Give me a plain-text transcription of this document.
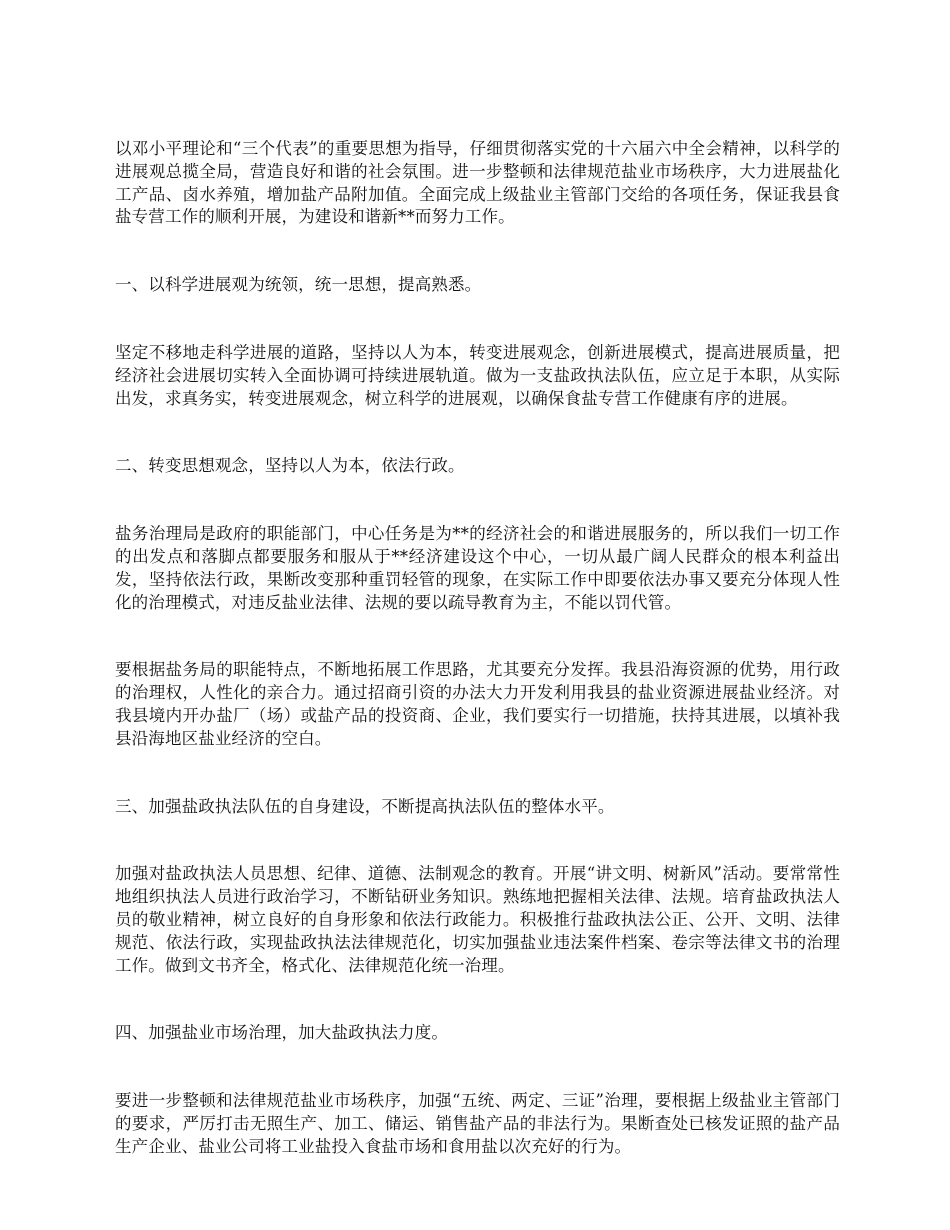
以邓小平理论和“三个代表”的重要思想为指导，仔细贯彻落实党的十六届六中全会精神，以科学的进展观总揽全局，营造良好和谐的社会氛围。进一步整顿和法律规范盐业市场秩序，大力进展盐化工产品、卤水养殖，增加盐产品附加值。全面完成上级盐业主管部门交给的各项任务，保证我县食盐专营工作的顺利开展，为建设和谐新**而努力工作。

一、以科学进展观为统领，统一思想，提高熟悉。

坚定不移地走科学进展的道路，坚持以人为本，转变进展观念，创新进展模式，提高进展质量，把经济社会进展切实转入全面协调可持续进展轨道。做为一支盐政执法队伍，应立足于本职，从实际出发，求真务实，转变进展观念，树立科学的进展观，以确保食盐专营工作健康有序的进展。

二、转变思想观念，坚持以人为本，依法行政。

盐务治理局是政府的职能部门，中心任务是为**的经济社会的和谐进展服务的，所以我们一切工作的出发点和落脚点都要服务和服从于**经济建设这个中心，一切从最广阔人民群众的根本利益出发，坚持依法行政，果断改变那种重罚轻管的现象，在实际工作中即要依法办事又要充分体现人性化的治理模式，对违反盐业法律、法规的要以疏导教育为主，不能以罚代管。

要根据盐务局的职能特点，不断地拓展工作思路，尤其要充分发挥。我县沿海资源的优势，用行政的治理权，人性化的亲合力。通过招商引资的办法大力开发利用我县的盐业资源进展盐业经济。对我县境内开办盐厂（场）或盐产品的投资商、企业，我们要实行一切措施，扶持其进展，以填补我县沿海地区盐业经济的空白。

三、加强盐政执法队伍的自身建设，不断提高执法队伍的整体水平。

加强对盐政执法人员思想、纪律、道德、法制观念的教育。开展“讲文明、树新风”活动。要常常性地组织执法人员进行政治学习，不断钻研业务知识。熟练地把握相关法律、法规。培育盐政执法人员的敬业精神，树立良好的自身形象和依法行政能力。积极推行盐政执法公正、公开、文明、法律规范、依法行政，实现盐政执法法律规范化，切实加强盐业违法案件档案、卷宗等法律文书的治理工作。做到文书齐全，格式化、法律规范化统一治理。

四、加强盐业市场治理，加大盐政执法力度。

要进一步整顿和法律规范盐业市场秩序，加强“五统、两定、三证”治理，要根据上级盐业主管部门的要求，严厉打击无照生产、加工、储运、销售盐产品的非法行为。果断查处已核发证照的盐产品生产企业、盐业公司将工业盐投入食盐市场和食用盐以次充好的行为。
